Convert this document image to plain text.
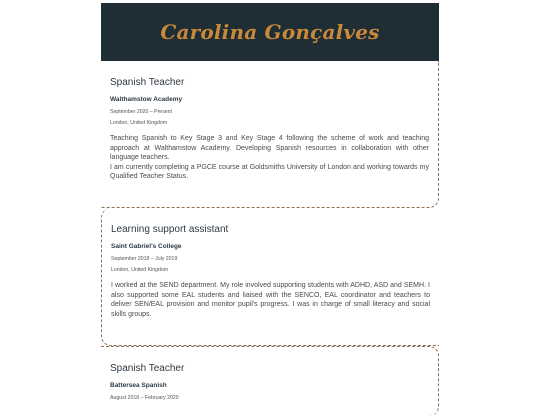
Carolina Gonçalves
Spanish Teacher
Walthamstow Academy
September 2020 – Present
London, United Kingdom

Teaching Spanish to Key Stage 3 and Key Stage 4 following the scheme of work and teaching approach at Walthamstow Academy. Developing Spanish resources in collaboration with other language teachers.

I am currently completing a PGCE course at Goldsmiths University of London and working towards my Qualified Teacher Status.

Learning support assistant
Saint Gabriel's College
September 2018 – July 2019
London, United Kingdom

I worked at the SEND department. My role involved supporting students with ADHD, ASD and SEMH. I also supported some EAL students and liaised with the SENCO, EAL coordinator and teachers to deliver SEN/EAL provision and monitor pupil's progress. I was in charge of small literacy and social skills groups.

Spanish Teacher
Battersea Spanish
August 2018 – February 2020
